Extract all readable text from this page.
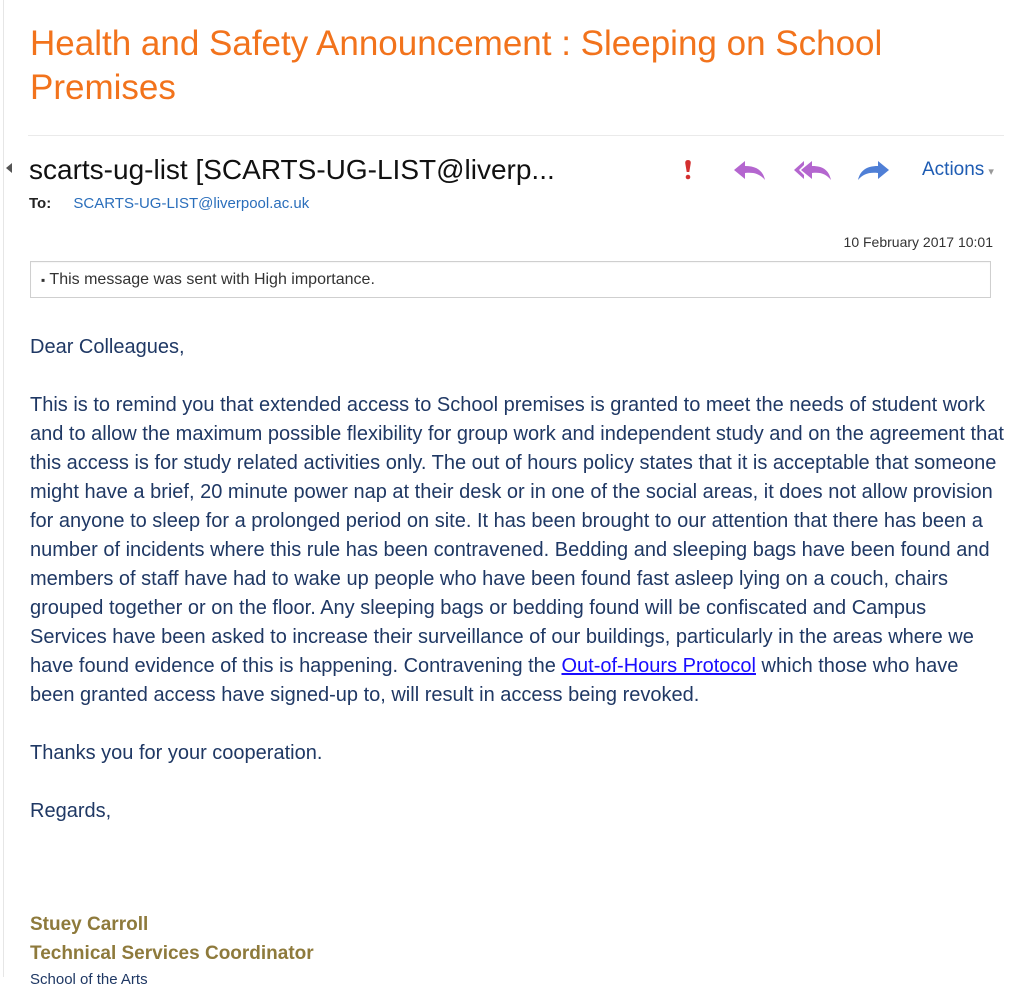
Health and Safety Announcement : Sleeping on School Premises
scarts-ug-list [SCARTS-UG-LIST@liverp...	Actions ▾
To: SCARTS-UG-LIST@liverpool.ac.uk
10 February 2017 10:01
▪ This message was sent with High importance.

Dear Colleagues,

This is to remind you that extended access to School premises is granted to meet the needs of student work and to allow the maximum possible flexibility for group work and independent study and on the agreement that this access is for study related activities only. The out of hours policy states that it is acceptable that someone might have a brief, 20 minute power nap at their desk or in one of the social areas, it does not allow provision for anyone to sleep for a prolonged period on site. It has been brought to our attention that there has been a number of incidents where this rule has been contravened. Bedding and sleeping bags have been found and members of staff have had to wake up people who have been found fast asleep lying on a couch, chairs grouped together or on the floor. Any sleeping bags or bedding found will be confiscated and Campus Services have been asked to increase their surveillance of our buildings, particularly in the areas where we have found evidence of this is happening. Contravening the Out-of-Hours Protocol which those who have been granted access have signed-up to, will result in access being revoked.

Thanks you for your cooperation.

Regards,

Stuey Carroll
Technical Services Coordinator
School of the Arts
